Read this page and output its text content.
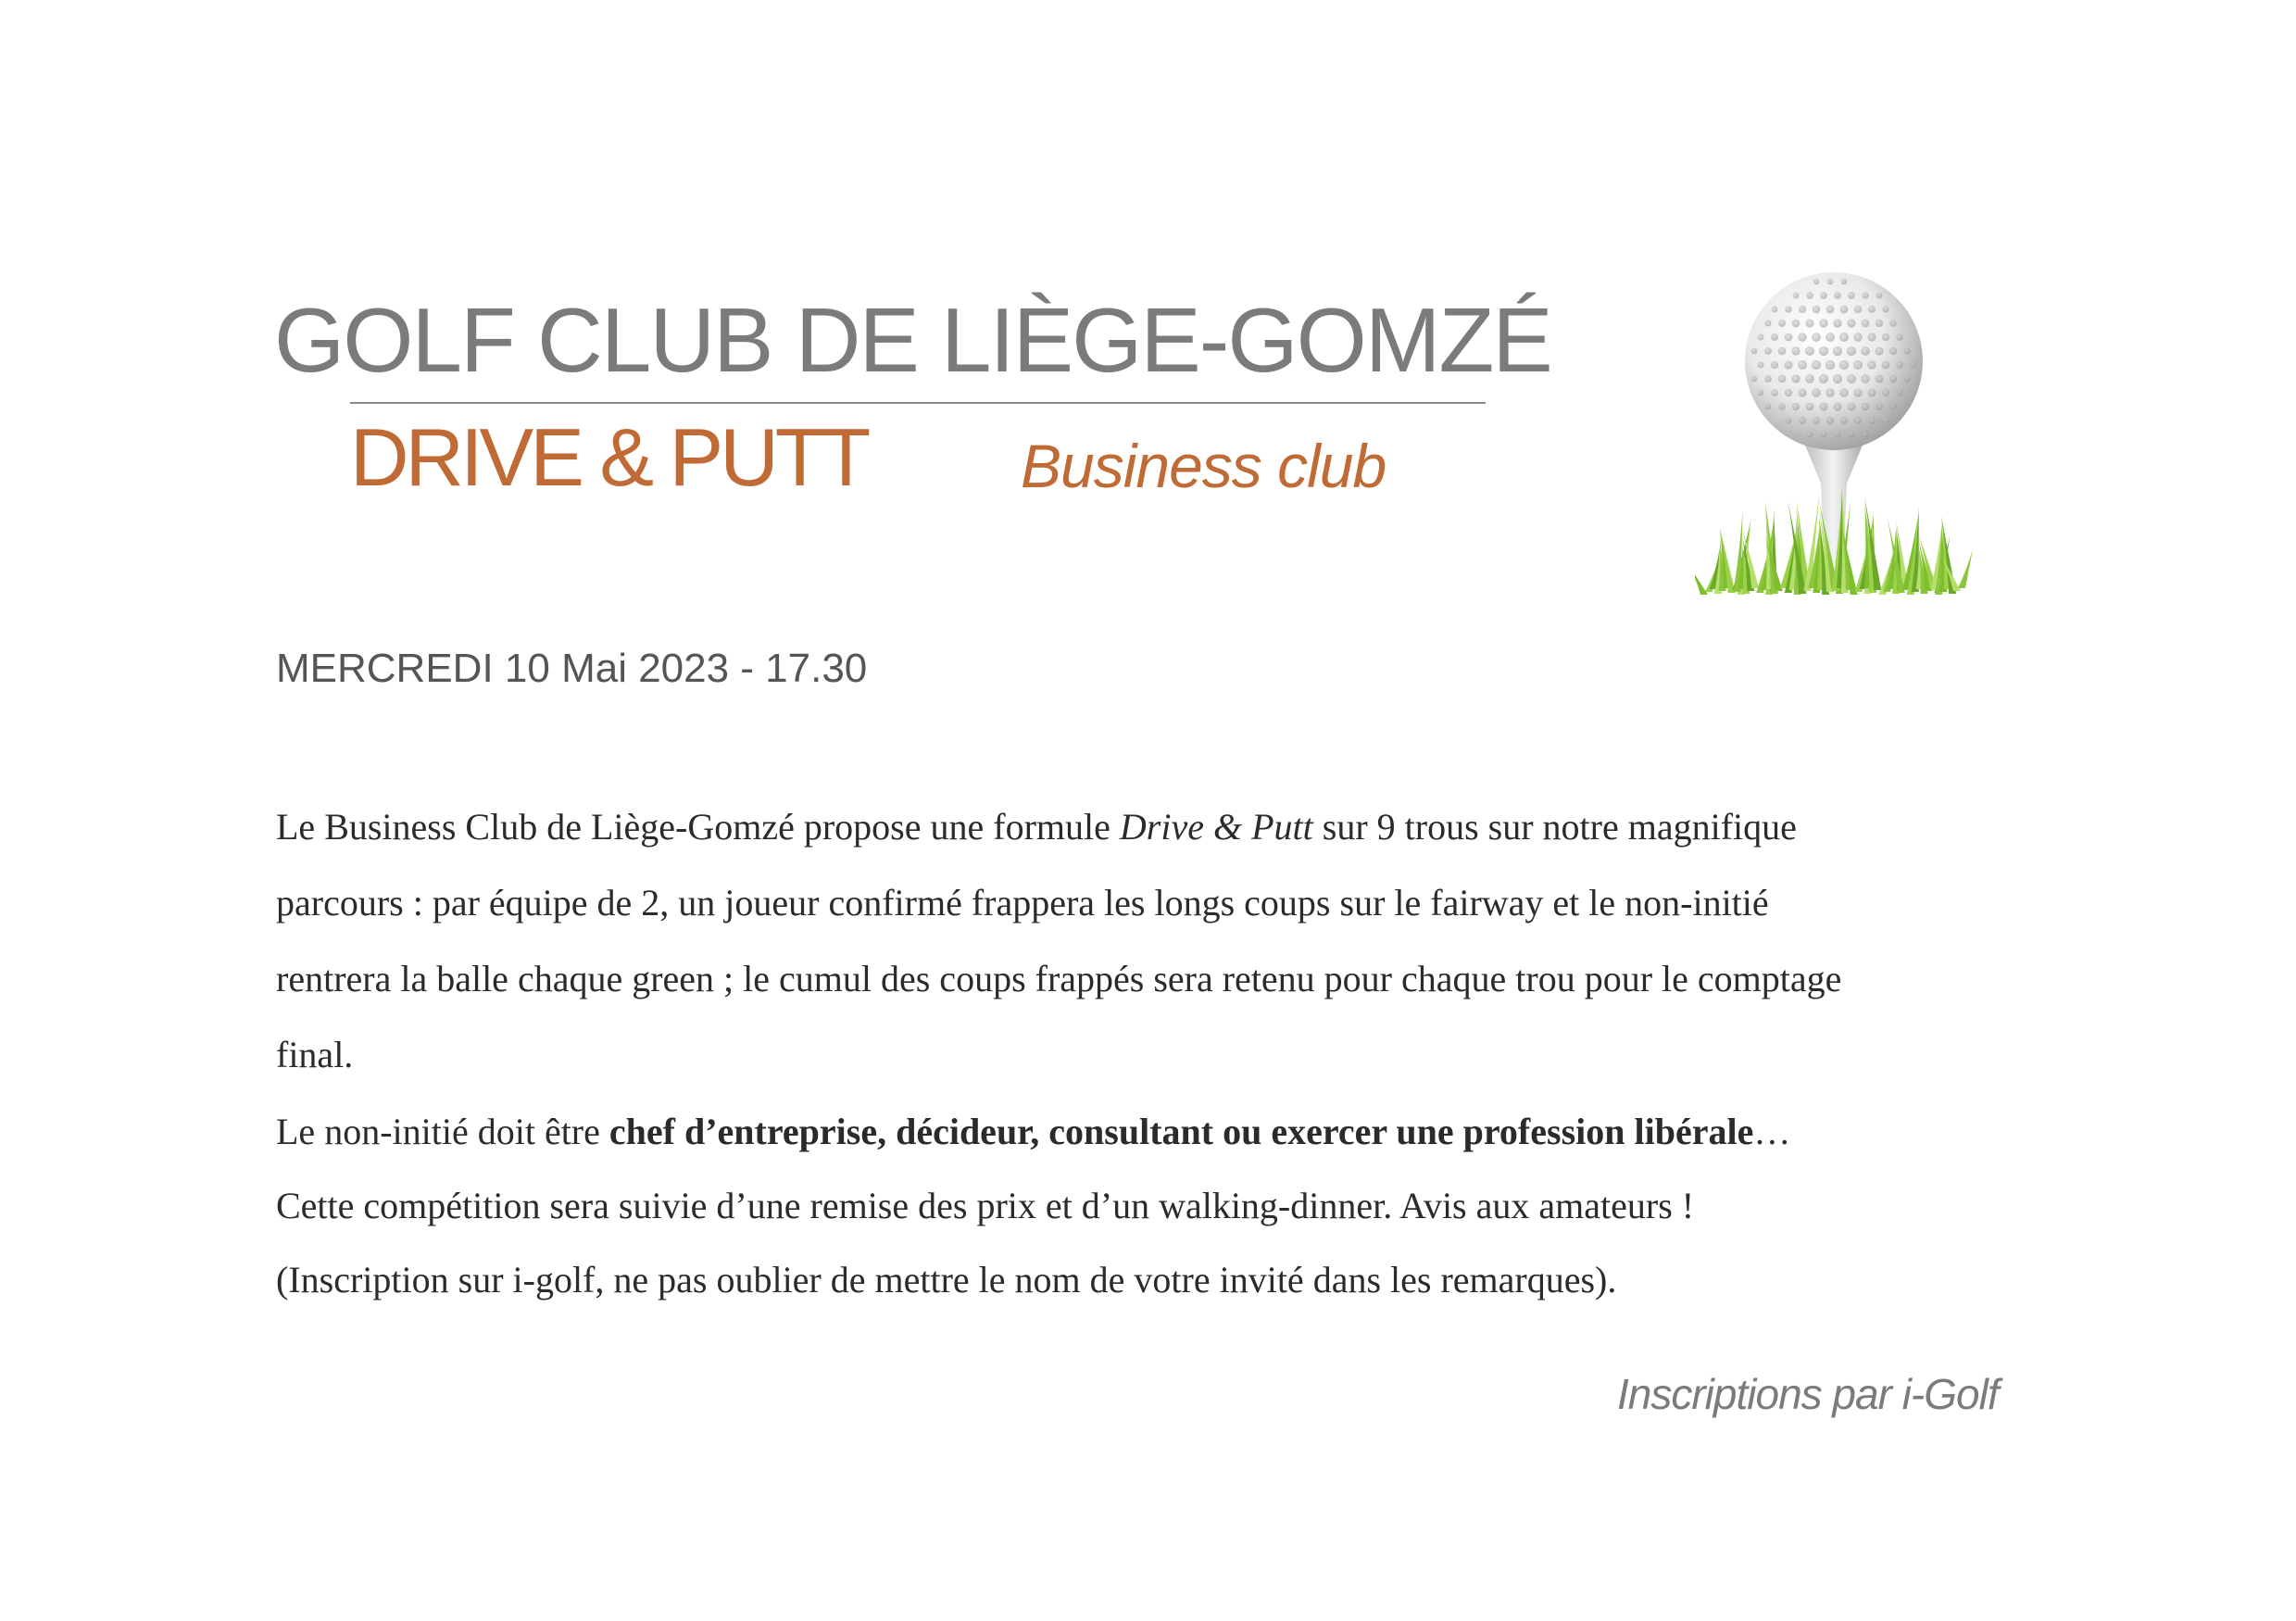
GOLF CLUB DE LIÈGE-GOMZÉ
DRIVE & PUTT	Business club
MERCREDI 10 Mai 2023 - 17.30

Le Business Club de Liège-Gomzé propose une formule Drive & Putt sur 9 trous sur notre magnifique

parcours : par équipe de 2, un joueur confirmé frappera les longs coups sur le fairway et le non-initié

rentrera la balle chaque green ; le cumul des coups frappés sera retenu pour chaque trou pour le comptage

final.

Le non-initié doit être chef d’entreprise, décideur, consultant ou exercer une profession libérale…

Cette compétition sera suivie d’une remise des prix et d’un walking-dinner. Avis aux amateurs !

(Inscription sur i-golf, ne pas oublier de mettre le nom de votre invité dans les remarques).

Inscriptions par i-Golf
